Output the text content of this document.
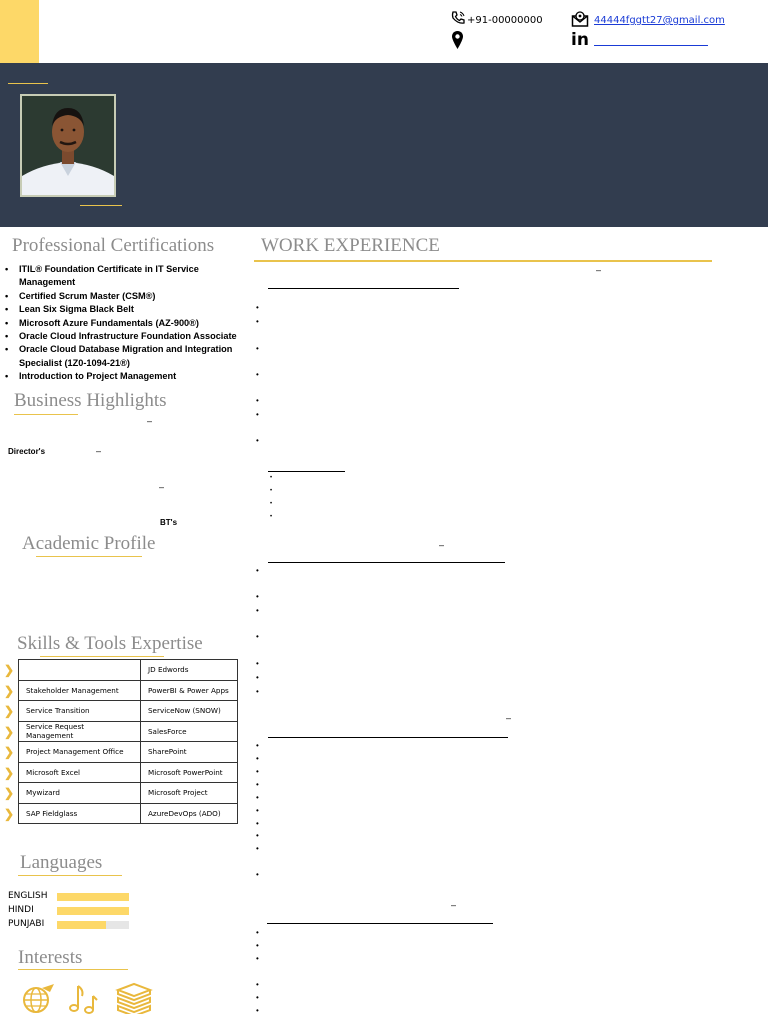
+91-00000000	44444fggtt27@gmail.com
in
Professional Certifications
• ITIL® Foundation Certificate in IT Service Management
• Certified Scrum Master (CSM®)
• Lean Six Sigma Black Belt
• Microsoft Azure Fundamentals (AZ-900®)
• Oracle Cloud Infrastructure Foundation Associate
• Oracle Cloud Database Migration and Integration Specialist (1Z0-1094-21®)
• Introduction to Project Management
WORK EXPERIENCE
–
•
•
•
•
•
•
•
•
•
•
•
–
•
•
•
•
•
•
•
–
•
•
•
•
•
•
•
•
•
•
–
•
•
•
•
•
•
Business Highlights
–
Director's	–
–
BT's
Academic Profile
Skills & Tools Expertise
❯
❯
❯
❯
❯
❯
❯
❯
	JD Edwords
Stakeholder Management	PowerBI & Power Apps
Service Transition	ServiceNow (SNOW)
Service Request Management	SalesForce
Project Management Office	SharePoint
Microsoft Excel	Microsoft PowerPoint
Mywizard	Microsoft Project
SAP Fieldglass	AzureDevOps (ADO)
Languages
ENGLISH
HINDI
PUNJABI
Interests
